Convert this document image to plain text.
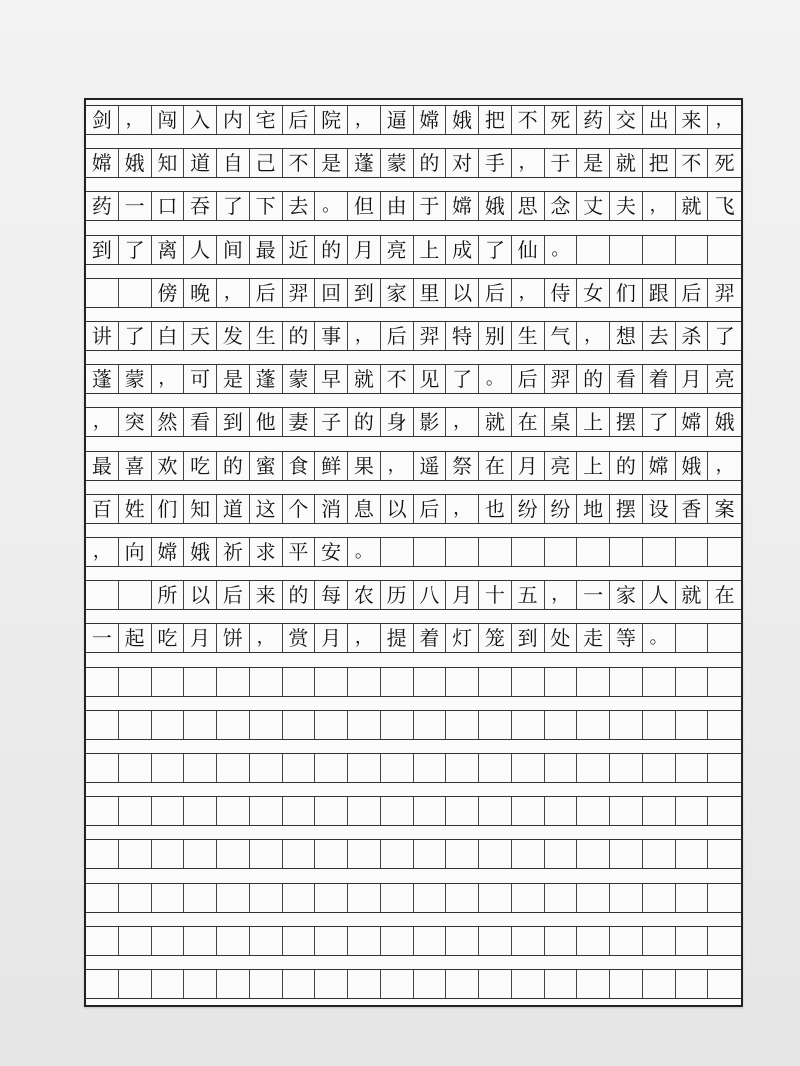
剑 ， 闯 入 内 宅 后 院 ， 逼 嫦 娥 把 不 死 药 交 出 来 ，
嫦 娥 知 道 自 己 不 是 蓬 蒙 的 对 手 ， 于 是 就 把 不 死
药 一 口 吞 了 下 去 。 但 由 于 嫦 娥 思 念 丈 夫 ， 就 飞
到 了 离 人 间 最 近 的 月 亮 上 成 了 仙 。
傍 晚 ， 后 羿 回 到 家 里 以 后 ， 侍 女 们 跟 后 羿
讲 了 白 天 发 生 的 事 ， 后 羿 特 别 生 气 ， 想 去 杀 了
蓬 蒙 ， 可 是 蓬 蒙 早 就 不 见 了 。 后 羿 的 看 着 月 亮
， 突 然 看 到 他 妻 子 的 身 影 ， 就 在 桌 上 摆 了 嫦 娥
最 喜 欢 吃 的 蜜 食 鲜 果 ， 遥 祭 在 月 亮 上 的 嫦 娥 ，
百 姓 们 知 道 这 个 消 息 以 后 ， 也 纷 纷 地 摆 设 香 案
， 向 嫦 娥 祈 求 平 安 。
所 以 后 来 的 每 农 历 八 月 十 五 ， 一 家 人 就 在
一 起 吃 月 饼 ， 赏 月 ， 提 着 灯 笼 到 处 走 等 。
